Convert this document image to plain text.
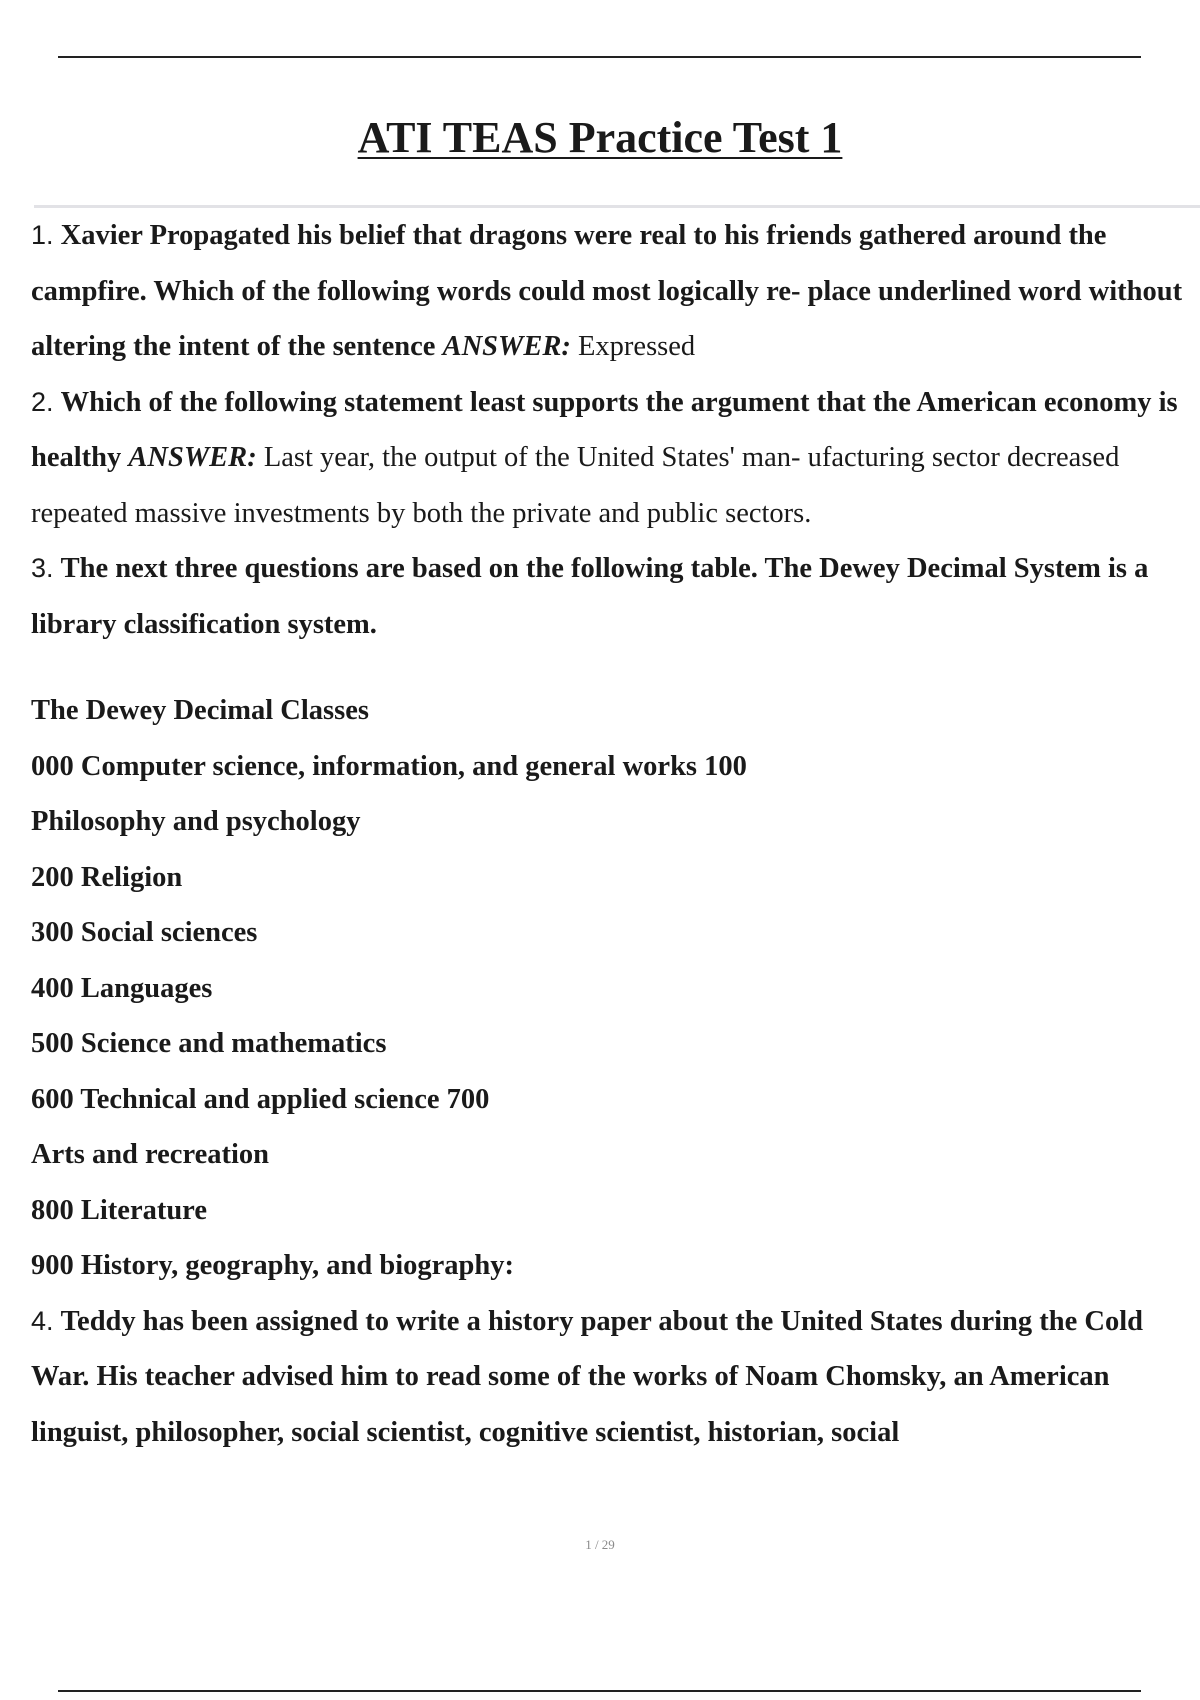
ATI TEAS Practice Test 1

1. Xavier Propagated his belief that dragons were real to his friends gathered around the campfire. Which of the following words could most logically re- place underlined word without altering the intent of the sentence ANSWER: Expressed

2. Which of the following statement least supports the argument that the American economy is healthy ANSWER: Last year, the output of the United States' man- ufacturing sector decreased repeated massive investments by both the private and public sectors.

3. The next three questions are based on the following table. The Dewey Decimal System is a library classification system.

The Dewey Decimal Classes

000 Computer science, information, and general works 100

Philosophy and psychology

200 Religion

300 Social sciences

400 Languages

500 Science and mathematics

600 Technical and applied science 700

Arts and recreation

800 Literature

900 History, geography, and biography:

4. Teddy has been assigned to write a history paper about the United States during the Cold War. His teacher advised him to read some of the works of Noam Chomsky, an American linguist, philosopher, social scientist, cognitive scientist, historian, social

1 / 29
